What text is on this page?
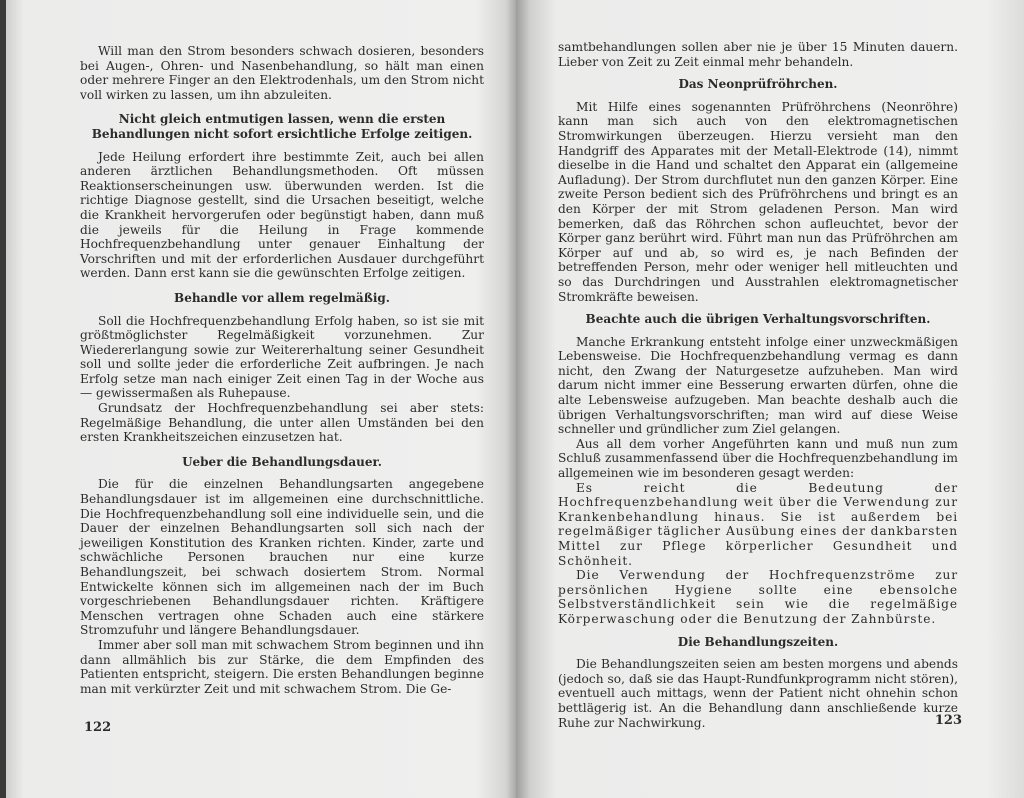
Will man den Strom besonders schwach dosieren, besonders bei Augen-, Ohren- und Nasenbehandlung, so hält man einen oder mehrere Finger an den Elektrodenhals, um den Strom nicht voll wirken zu lassen, um ihn abzuleiten.

Nicht gleich entmutigen lassen, wenn die ersten
Behandlungen nicht sofort ersichtliche Erfolge zeitigen.

Jede Heilung erfordert ihre bestimmte Zeit, auch bei allen anderen ärztlichen Behandlungsmethoden. Oft müssen Reaktionserscheinungen usw. überwunden werden. Ist die richtige Diagnose gestellt, sind die Ursachen beseitigt, welche die Krankheit hervorgerufen oder begünstigt haben, dann muß die jeweils für die Heilung in Frage kommende Hochfrequenzbehandlung unter genauer Einhaltung der Vorschriften und mit der erforderlichen Ausdauer durchgeführt werden. Dann erst kann sie die gewünschten Erfolge zeitigen.

Behandle vor allem regelmäßig.

Soll die Hochfrequenzbehandlung Erfolg haben, so ist sie mit größtmöglichster Regelmäßigkeit vorzunehmen. Zur Wiedererlangung sowie zur Weitererhaltung seiner Gesundheit soll und sollte jeder die erforderliche Zeit aufbringen. Je nach Erfolg setze man nach einiger Zeit einen Tag in der Woche aus — gewissermaßen als Ruhepause.

Grundsatz der Hochfrequenzbehandlung sei aber stets: Regelmäßige Behandlung, die unter allen Umständen bei den ersten Krankheitszeichen einzusetzen hat.

Ueber die Behandlungsdauer.

Die für die einzelnen Behandlungsarten angegebene Behandlungsdauer ist im allgemeinen eine durchschnittliche. Die Hochfrequenzbehandlung soll eine individuelle sein, und die Dauer der einzelnen Behandlungsarten soll sich nach der jeweiligen Konstitution des Kranken richten. Kinder, zarte und schwächliche Personen brauchen nur eine kurze Behandlungszeit, bei schwach dosiertem Strom. Normal Entwickelte können sich im allgemeinen nach der im Buch vorgeschriebenen Behandlungsdauer richten. Kräftigere Menschen vertragen ohne Schaden auch eine stärkere Stromzufuhr und längere Behandlungsdauer.

Immer aber soll man mit schwachem Strom beginnen und ihn dann allmählich bis zur Stärke, die dem Empfinden des Patienten entspricht, steigern. Die ersten Behandlungen beginne man mit verkürzter Zeit und mit schwachem Strom. Die Ge-

122

samtbehandlungen sollen aber nie je über 15 Minuten dauern. Lieber von Zeit zu Zeit einmal mehr behandeln.

Das Neonprüfröhrchen.

Mit Hilfe eines sogenannten Prüfröhrchens (Neonröhre) kann man sich auch von den elektromagnetischen Stromwirkungen überzeugen. Hierzu versieht man den Handgriff des Apparates mit der Metall-Elektrode (14), nimmt dieselbe in die Hand und schaltet den Apparat ein (allgemeine Aufladung). Der Strom durchflutet nun den ganzen Körper. Eine zweite Person bedient sich des Prüfröhrchens und bringt es an den Körper der mit Strom geladenen Person. Man wird bemerken, daß das Röhrchen schon aufleuchtet, bevor der Körper ganz berührt wird. Führt man nun das Prüfröhrchen am Körper auf und ab, so wird es, je nach Befinden der betreffenden Person, mehr oder weniger hell mitleuchten und so das Durchdringen und Ausstrahlen elektromagnetischer Stromkräfte beweisen.

Beachte auch die übrigen Verhaltungsvorschriften.

Manche Erkrankung entsteht infolge einer unzweckmäßigen Lebensweise. Die Hochfrequenzbehandlung vermag es dann nicht, den Zwang der Naturgesetze aufzuheben. Man wird darum nicht immer eine Besserung erwarten dürfen, ohne die alte Lebensweise aufzugeben. Man beachte deshalb auch die übrigen Verhaltungsvorschriften; man wird auf diese Weise schneller und gründlicher zum Ziel gelangen.

Aus all dem vorher Angeführten kann und muß nun zum Schluß zusammenfassend über die Hochfrequenzbehandlung im allgemeinen wie im besonderen gesagt werden:

Es reicht die Bedeutung der Hochfrequenzbehandlung weit über die Verwendung zur Krankenbehandlung hinaus. Sie ist außerdem bei regelmäßiger täglicher Ausübung eines der dankbarsten Mittel zur Pflege körperlicher Gesundheit und Schönheit.

Die Verwendung der Hochfrequenzströme zur persönlichen Hygiene sollte eine ebensolche Selbstverständlichkeit sein wie die regelmäßige Körperwaschung oder die Benutzung der Zahnbürste.

Die Behandlungszeiten.

Die Behandlungszeiten seien am besten morgens und abends (jedoch so, daß sie das Haupt-Rundfunkprogramm nicht stören), eventuell auch mittags, wenn der Patient nicht ohnehin schon bettlägerig ist. An die Behandlung dann anschließende kurze Ruhe zur Nachwirkung.	123
